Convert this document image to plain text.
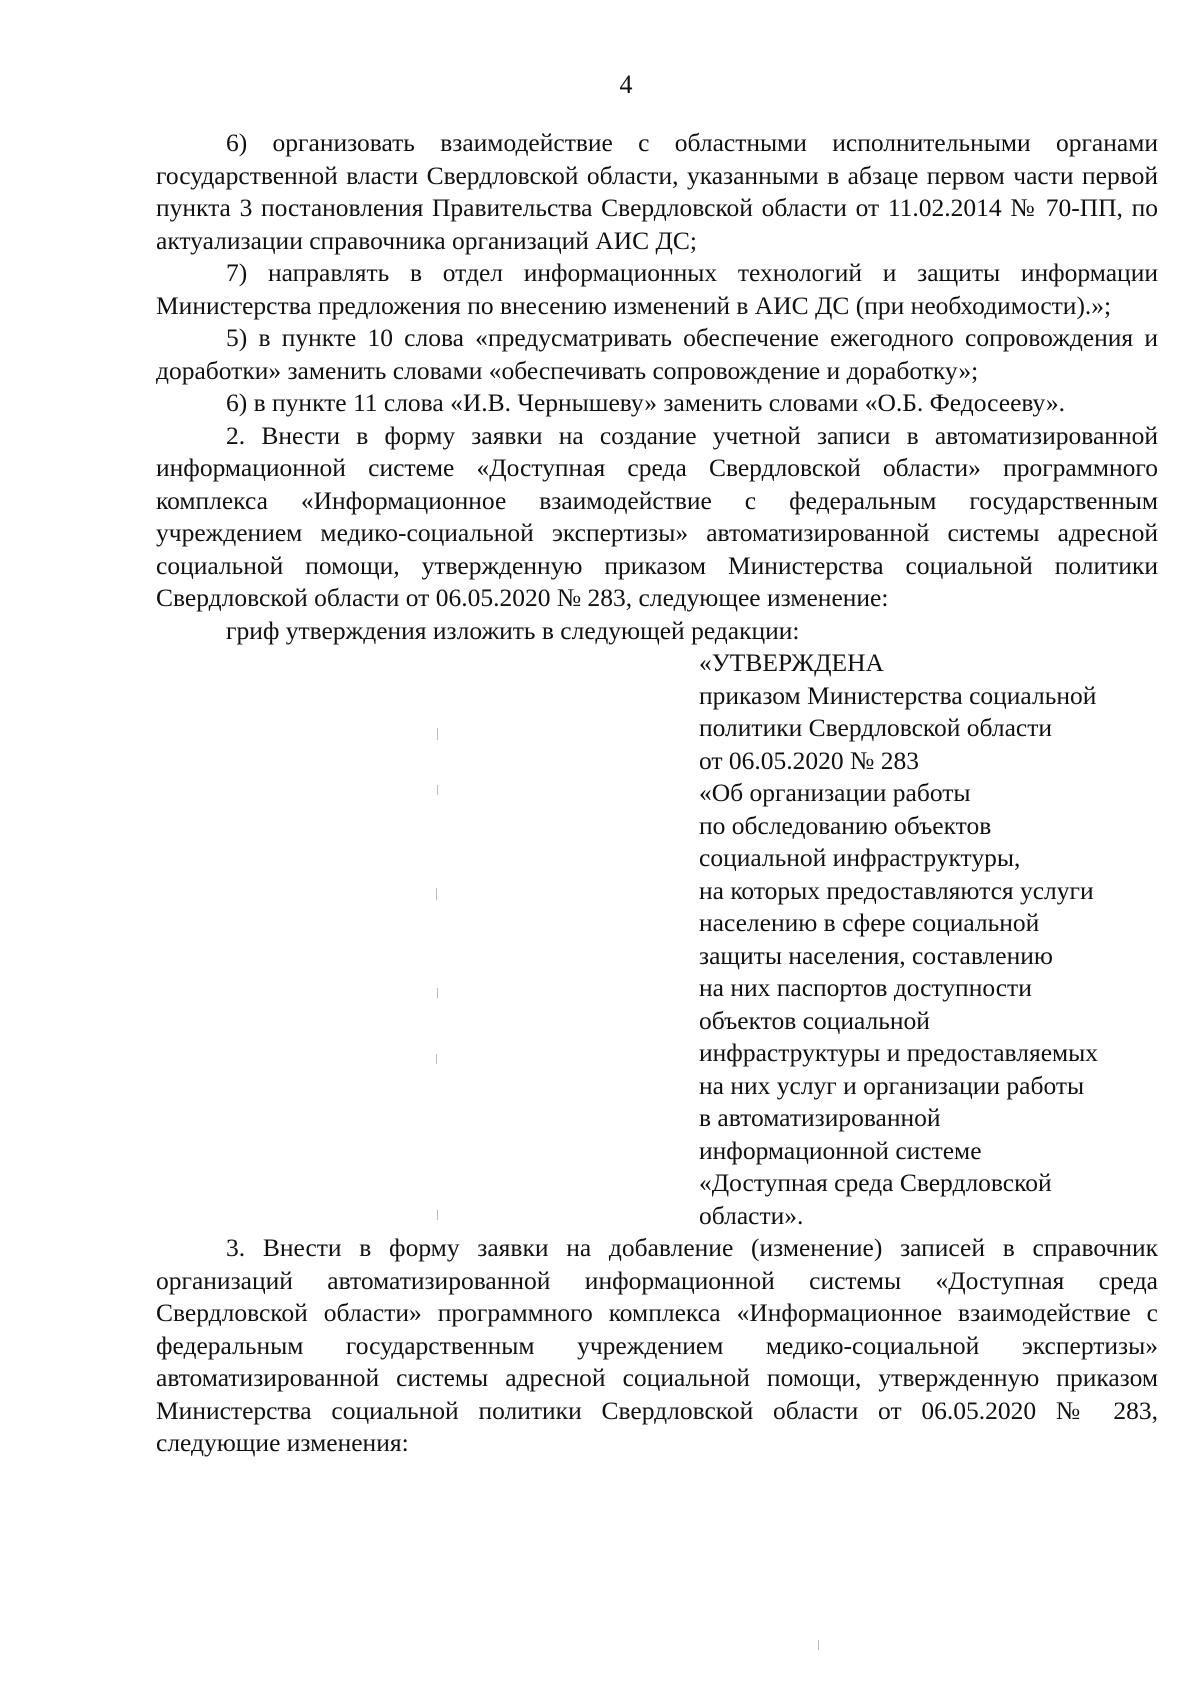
4

6) организовать взаимодействие с областными исполнительными органами государственной власти Свердловской области, указанными в абзаце первом части первой пункта 3 постановления Правительства Свердловской области от 11.02.2014 № 70-ПП, по актуализации справочника организаций АИС ДС;

7) направлять в отдел информационных технологий и защиты информации Министерства предложения по внесению изменений в АИС ДС (при необходимости).»;

5) в пункте 10 слова «предусматривать обеспечение ежегодного сопровождения и доработки» заменить словами «обеспечивать сопровождение и доработку»;

6) в пункте 11 слова «И.В. Чернышеву» заменить словами «О.Б. Федосееву».

2. Внести в форму заявки на создание учетной записи в автоматизированной информационной системе «Доступная среда Свердловской области» программного комплекса «Информационное взаимодействие с федеральным государственным учреждением медико-социальной экспертизы» автоматизированной системы адресной социальной помощи, утвержденную приказом Министерства социальной политики Свердловской области от 06.05.2020 № 283, следующее изменение:

гриф утверждения изложить в следующей редакции:

«УТВЕРЖДЕНА
приказом Министерства социальной
политики Свердловской области
от 06.05.2020 № 283
«Об организации работы
по обследованию объектов
социальной инфраструктуры,
на которых предоставляются услуги
населению в сфере социальной
защиты населения, составлению
на них паспортов доступности
объектов социальной
инфраструктуры и предоставляемых
на них услуг и организации работы
в автоматизированной
информационной системе
«Доступная среда Свердловской
области».

3. Внести в форму заявки на добавление (изменение) записей в справочник организаций автоматизированной информационной системы «Доступная среда Свердловской области» программного комплекса «Информационное взаимодействие с федеральным государственным учреждением медико-социальной экспертизы» автоматизированной системы адресной социальной помощи, утвержденную приказом Министерства социальной политики Свердловской области от 06.05.2020 № 283, следующие изменения:
